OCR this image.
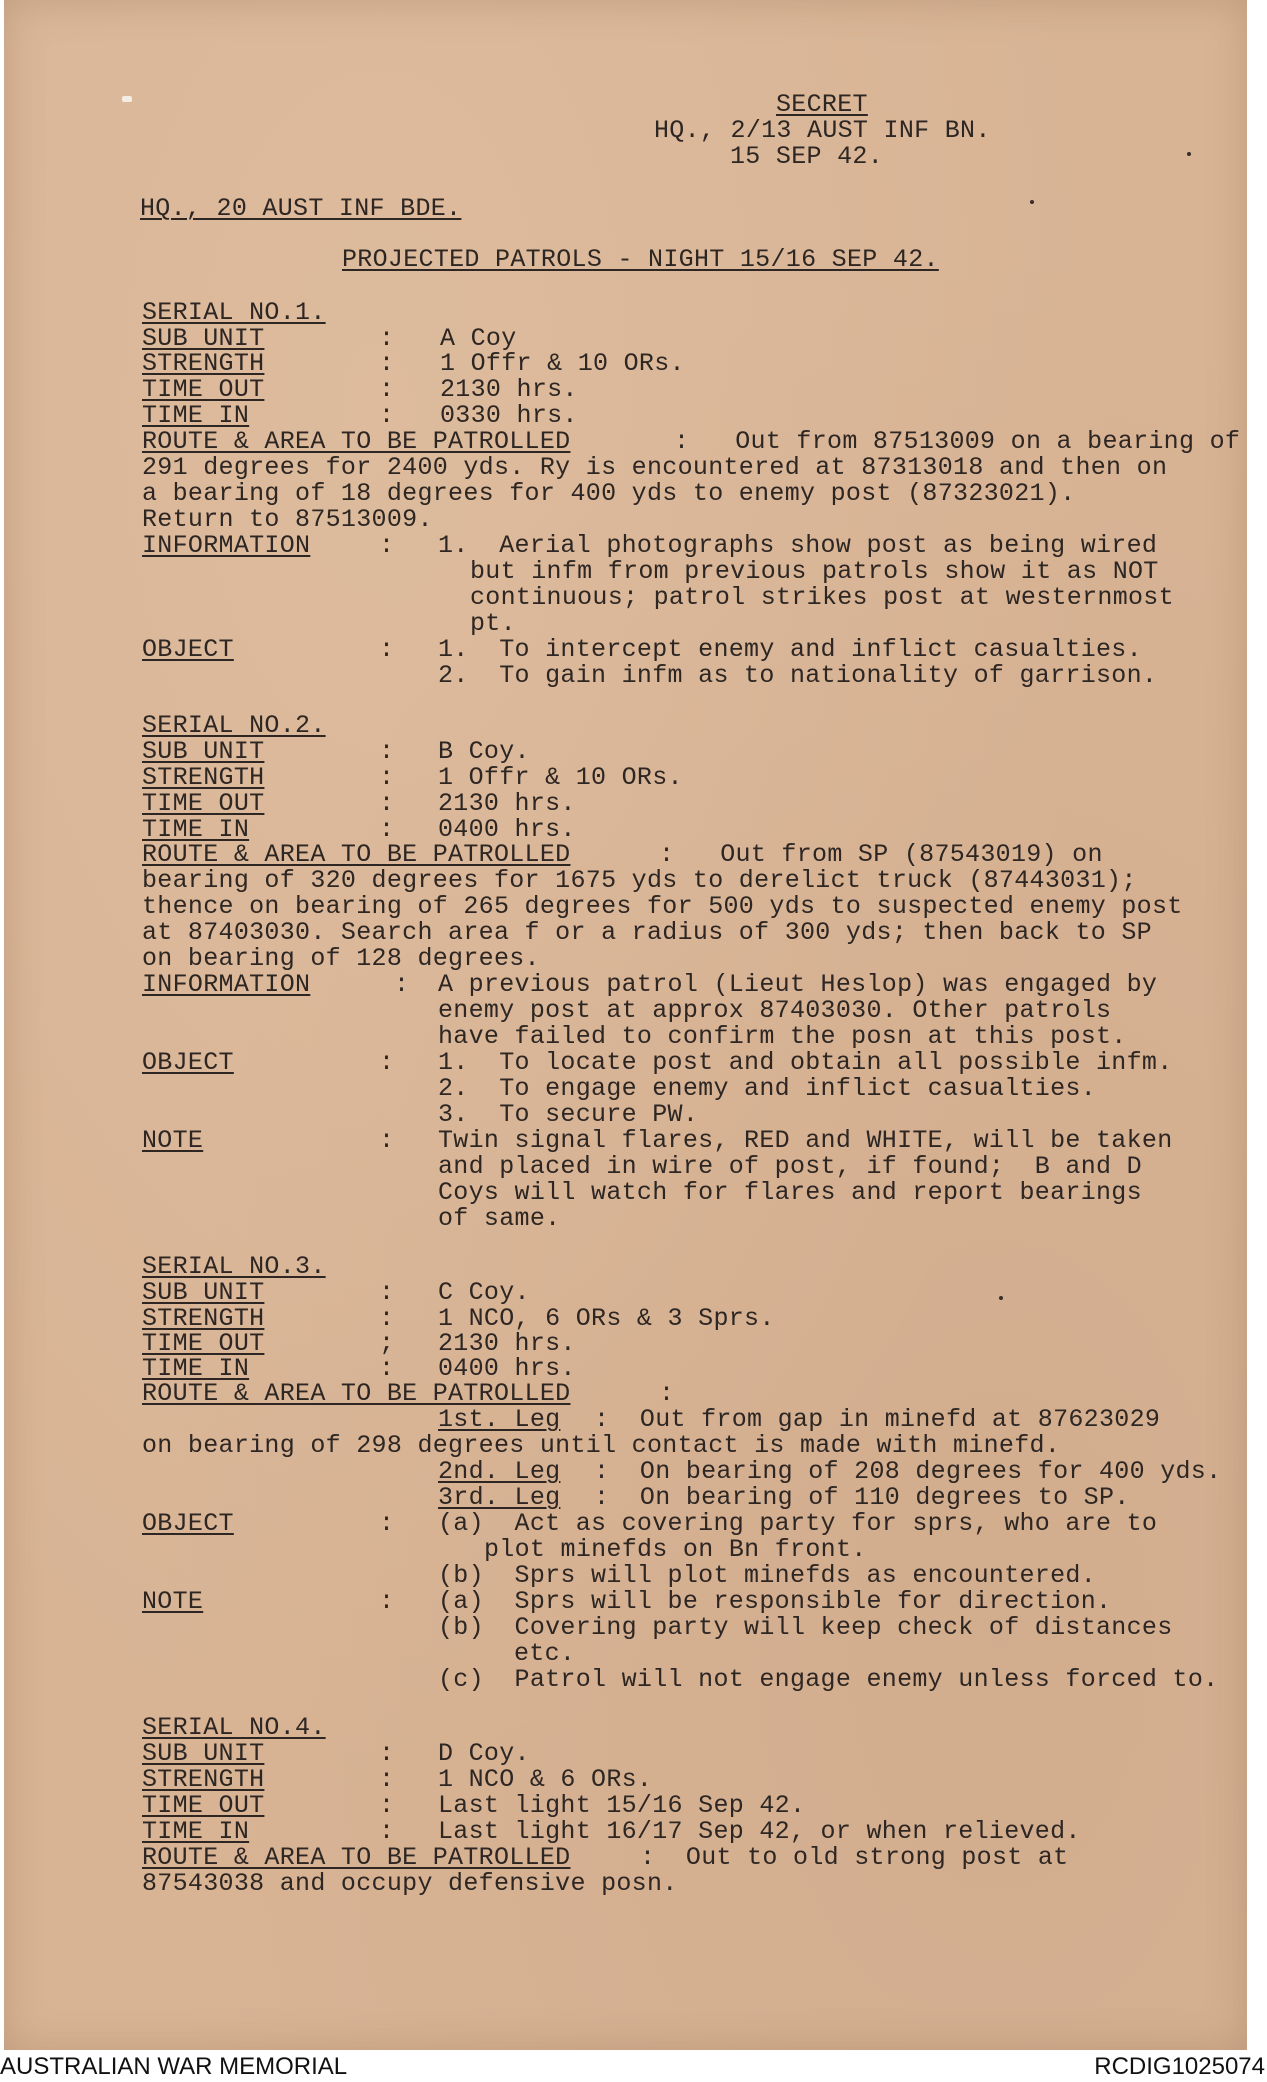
SECRET
HQ., 2/13 AUST INF BN.
15 SEP 42.
HQ., 20 AUST INF BDE.
PROJECTED PATROLS - NIGHT 15/16 SEP 42.
SERIAL NO.1.
SUB UNIT	: A Coy
STRENGTH	: 1 Offr & 10 ORs.
TIME OUT	: 2130 hrs.
TIME IN	: 0330 hrs.
ROUTE & AREA TO BE PATROLLED	:   Out from 87513009 on a bearing of
291 degrees for 2400 yds. Ry is encountered at 87313018 and then on
a bearing of 18 degrees for 400 yds to enemy post (87323021).
Return to 87513009.
INFORMATION	: 1.  Aerial photographs show post as being wired
but infm from previous patrols show it as NOT
continuous; patrol strikes post at westernmost
pt.
OBJECT	: 1.  To intercept enemy and inflict casualties.
2.  To gain infm as to nationality of garrison.
SERIAL NO.2.
SUB UNIT	: B Coy.
STRENGTH	: 1 Offr & 10 ORs.
TIME OUT	: 2130 hrs.
TIME IN	: 0400 hrs.
ROUTE & AREA TO BE PATROLLED	:   Out from SP (87543019) on
bearing of 320 degrees for 1675 yds to derelict truck (87443031);
thence on bearing of 265 degrees for 500 yds to suspected enemy post
at 87403030. Search area f or a radius of 300 yds; then back to SP
on bearing of 128 degrees.
INFORMATION	: A previous patrol (Lieut Heslop) was engaged by
enemy post at approx 87403030. Other patrols
have failed to confirm the posn at this post.
OBJECT	: 1.  To locate post and obtain all possible infm.
2.  To engage enemy and inflict casualties.
3.  To secure PW.
NOTE	: Twin signal flares, RED and WHITE, will be taken
and placed in wire of post, if found;  B and D
Coys will watch for flares and report bearings
of same.
SERIAL NO.3.
SUB UNIT	: C Coy.
STRENGTH	: 1 NCO, 6 ORs & 3 Sprs.
TIME OUT	; 2130 hrs.
TIME IN	: 0400 hrs.
ROUTE & AREA TO BE PATROLLED	:
1st. Leg :  Out from gap in minefd at 87623029
on bearing of 298 degrees until contact is made with minefd.
2nd. Leg :  On bearing of 208 degrees for 400 yds.
3rd. Leg :  On bearing of 110 degrees to SP.
OBJECT	: (a)  Act as covering party for sprs, who are to
plot minefds on Bn front.
(b)  Sprs will plot minefds as encountered.
NOTE	: (a)  Sprs will be responsible for direction.
(b)  Covering party will keep check of distances
etc.
(c)  Patrol will not engage enemy unless forced to.
SERIAL NO.4.
SUB UNIT	: D Coy.
STRENGTH	: 1 NCO & 6 ORs.
TIME OUT	: Last light 15/16 Sep 42.
TIME IN	: Last light 16/17 Sep 42, or when relieved.
ROUTE & AREA TO BE PATROLLED	:  Out to old strong post at
87543038 and occupy defensive posn.
AUSTRALIAN WAR MEMORIAL	RCDIG1025074
